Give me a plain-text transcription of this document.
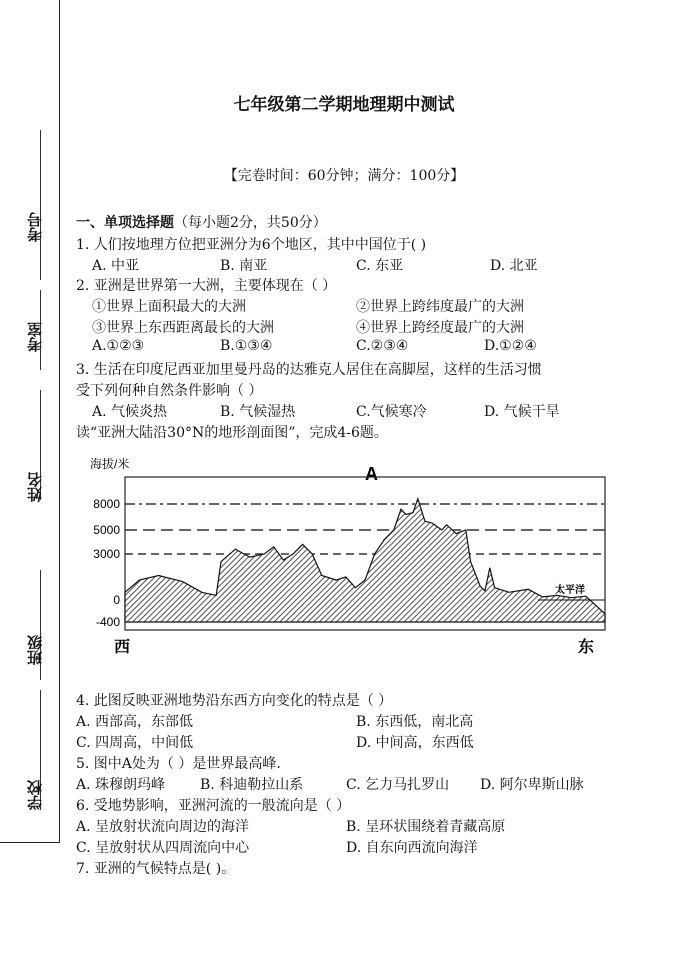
考号
考室
姓名
班级
学校
七年级第二学期地理期中测试
【完卷时间：60分钟；满分：100分】
一、单项选择题（每小题2分，共50分）
1. 人们按地理方位把亚洲分为6个地区，其中中国位于( )
A. 中亚	B. 南亚	C. 东亚	D. 北亚
2. 亚洲是世界第一大洲，主要体现在（ ）
①世界上面积最大的大洲	②世界上跨纬度最广的大洲
③世界上东西距离最长的大洲	④世界上跨经度最广的大洲
A.①②③	B.①③④	C.②③④	D.①②④
3. 生活在印度尼西亚加里曼丹岛的达雅克人居住在高脚屋，这样的生活习惯
受下列何种自然条件影响（ ）
A. 气候炎热	B. 气候湿热	C.气候寒冷	D. 气候干旱
读“亚洲大陆沿30°N的地形剖面图”，完成4-6题。
海拔/米	A
8000
5000
3000
0
-400
太平洋
西	东
4. 此图反映亚洲地势沿东西方向变化的特点是（ ）
A. 西部高，东部低	B. 东西低，南北高
C. 四周高，中间低	D. 中间高，东西低
5. 图中A处为（ ）是世界最高峰.
A. 珠穆朗玛峰 B. 科迪勒拉山系	C. 乞力马扎罗山 D. 阿尔卑斯山脉
6. 受地势影响，亚洲河流的一般流向是（ ）
A. 呈放射状流向周边的海洋	B. 呈环状围绕着青藏高原
C. 呈放射状从四周流向中心	D. 自东向西流向海洋
7. 亚洲的气候特点是( )。
